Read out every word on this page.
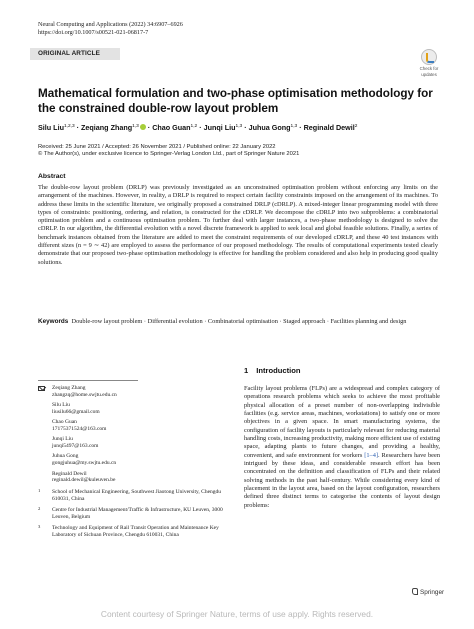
Neural Computing and Applications (2022) 34:6907–6926
https://doi.org/10.1007/s00521-021-06817-7
ORIGINAL ARTICLE
Check for
updates
Mathematical formulation and two-phase optimisation methodology for the constrained double-row layout problem
Silu Liu$^{1,2,3}$ · Zeqiang Zhang$^{1,3}$ · Chao Guan$^{1,2}$ · Junqi Liu$^{1,3}$ · Juhua Gong$^{1,3}$ · Reginald Dewil$^2$
Received: 25 June 2021 / Accepted: 26 November 2021 / Published online: 22 January 2022
© The Author(s), under exclusive licence to Springer-Verlag London Ltd., part of Springer Nature 2021
Abstract
The double-row layout problem (DRLP) was previously investigated as an unconstrained optimisation problem without enforcing any limits on the arrangement of the machines. However, in reality, a DRLP is required to respect certain facility constraints imposed on the arrangement of its machines. To address these limits in the scientific literature, we originally proposed a constrained DRLP (cDRLP). A mixed-integer linear programming model with three types of constraints: positioning, ordering, and relation, is constructed for the cDRLP. We decompose the cDRLP into two subproblems: a combinatorial optimisation problem and a continuous optimisation problem. To further deal with larger instances, a two-phase methodology is designed to solve the cDRLP. In our algorithm, the differential evolution with a novel discrete framework is applied to seek local and global feasible solutions. Finally, a series of benchmark instances obtained from the literature are added to meet the constraint requirements of our developed cDRLP, and these 40 test instances with different sizes (n = 9 ∼ 42) are employed to assess the performance of our proposed methodology. The results of computational experiments tested clearly demonstrate that our proposed two-phase optimisation methodology is effective for handling the problem considered and also help in producing good quality solutions.
Keywords Double-row layout problem · Differential evolution · Combinatorial optimisation · Staged approach · Facilities planning and design
Zeqiang Zhang
zhangzq@home.swjtu.edu.cn
Silu Liu
liusilu66@gmail.com
Chao Guan
17175371524@163.com
Junqi Liu
junqi5497@163.com
Juhua Gong
gongjuhua@my.swjtu.edu.cn
Reginald Dewil
reginald.dewil@kuleuven.be
1 School of Mechanical Engineering, Southwest Jiaotong University, Chengdu 610031, China
2 Centre for Industrial Management/Traffic & Infrastructure, KU Leuven, 3000 Leuven, Belgium
3 Technology and Equipment of Rail Transit Operation and Maintenance Key Laboratory of Sichuan Province, Chengdu 610031, China
1 Introduction
Facility layout problems (FLPs) are a widespread and complex category of operations research problems which seeks to achieve the most profitable physical allocation of a preset number of non-overlapping indivisible facilities (e.g. service areas, machines, workstations) to satisfy one or more objectives in a given space. In smart manufacturing systems, the configuration of facility layouts is particularly relevant for reducing material handling costs, increasing productivity, making more efficient use of existing space, adapting plants to future changes, and providing a healthy, convenient, and safe environment for workers [1–4]. Researchers have been intrigued by these ideas, and considerable research effort has been concentrated on the definition and classification of FLPs and their related solving methods in the past half-century. While considering every kind of placement in the layout area, based on the layout configuration, researchers defined three distinct terms to categorise the contents of layout design problems:
Springer
Content courtesy of Springer Nature, terms of use apply. Rights reserved.
